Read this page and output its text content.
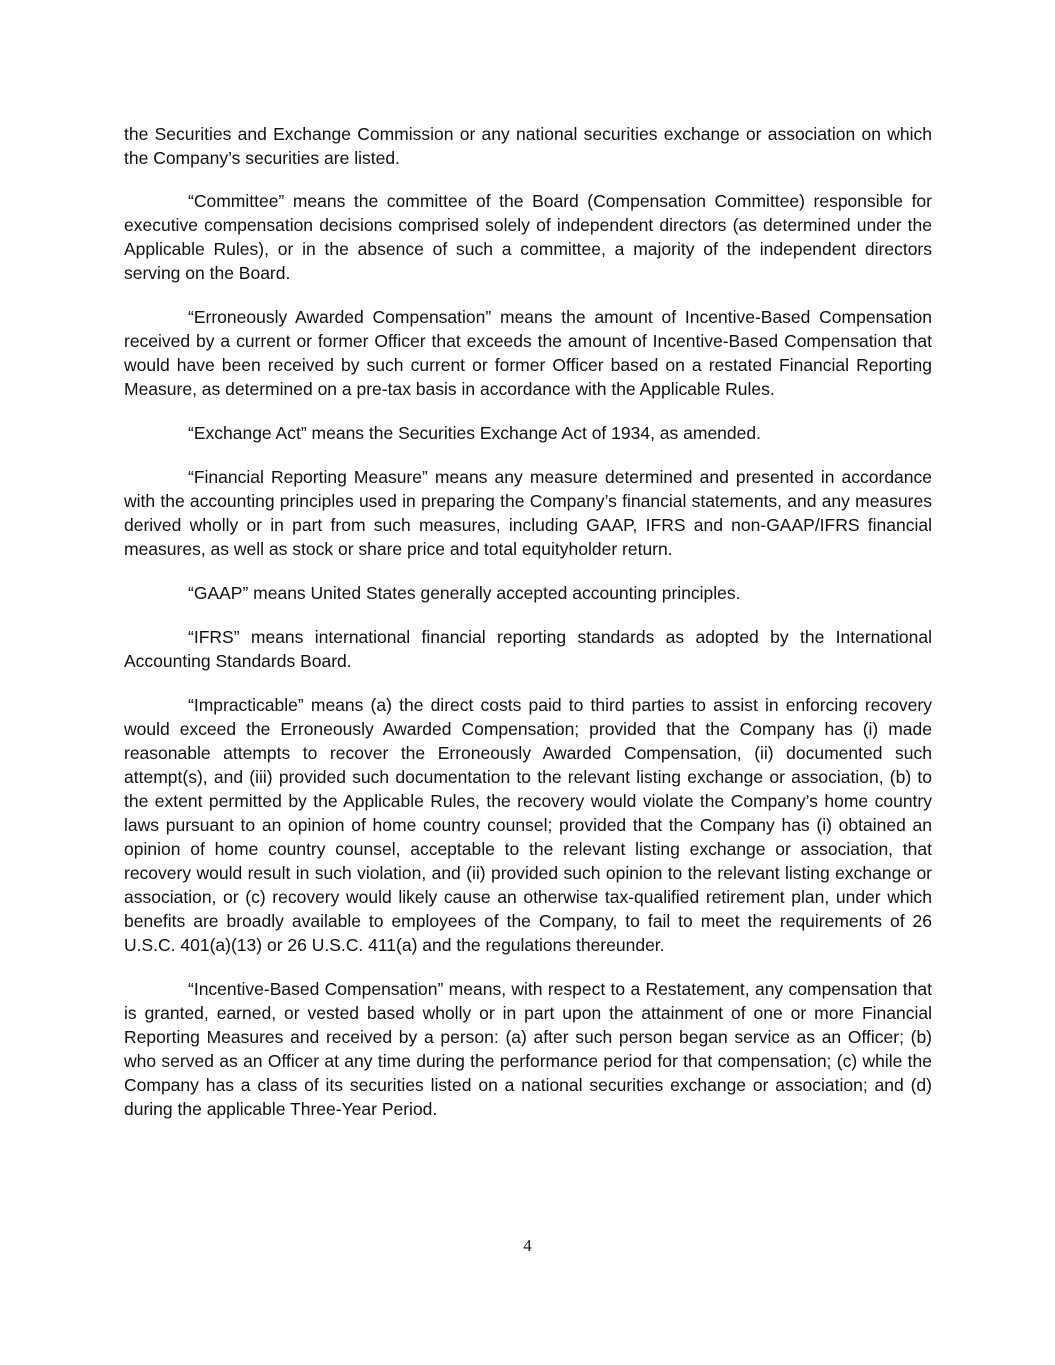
the Securities and Exchange Commission or any national securities exchange or association on which the Company’s securities are listed.

“Committee” means the committee of the Board (Compensation Committee) responsible for executive compensation decisions comprised solely of independent directors (as determined under the Applicable Rules), or in the absence of such a committee, a majority of the independent directors serving on the Board.

“Erroneously Awarded Compensation” means the amount of Incentive-Based Compensation received by a current or former Officer that exceeds the amount of Incentive-Based Compensation that would have been received by such current or former Officer based on a restated Financial Reporting Measure, as determined on a pre-tax basis in accordance with the Applicable Rules.

“Exchange Act” means the Securities Exchange Act of 1934, as amended.

“Financial Reporting Measure” means any measure determined and presented in accordance with the accounting principles used in preparing the Company’s financial statements, and any measures derived wholly or in part from such measures, including GAAP, IFRS and non-GAAP/IFRS financial measures, as well as stock or share price and total equityholder return.

“GAAP” means United States generally accepted accounting principles.

“IFRS” means international financial reporting standards as adopted by the International Accounting Standards Board.

“Impracticable” means (a) the direct costs paid to third parties to assist in enforcing recovery would exceed the Erroneously Awarded Compensation; provided that the Company has (i) made reasonable attempts to recover the Erroneously Awarded Compensation, (ii) documented such attempt(s), and (iii) provided such documentation to the relevant listing exchange or association, (b) to the extent permitted by the Applicable Rules, the recovery would violate the Company’s home country laws pursuant to an opinion of home country counsel; provided that the Company has (i) obtained an opinion of home country counsel, acceptable to the relevant listing exchange or association, that recovery would result in such violation, and (ii) provided such opinion to the relevant listing exchange or association, or (c) recovery would likely cause an otherwise tax-qualified retirement plan, under which benefits are broadly available to employees of the Company, to fail to meet the requirements of 26 U.S.C. 401(a)(13) or 26 U.S.C. 411(a) and the regulations thereunder.

“Incentive-Based Compensation” means, with respect to a Restatement, any compensation that is granted, earned, or vested based wholly or in part upon the attainment of one or more Financial Reporting Measures and received by a person: (a) after such person began service as an Officer; (b) who served as an Officer at any time during the performance period for that compensation; (c) while the Company has a class of its securities listed on a national securities exchange or association; and (d) during the applicable Three-Year Period.

4
